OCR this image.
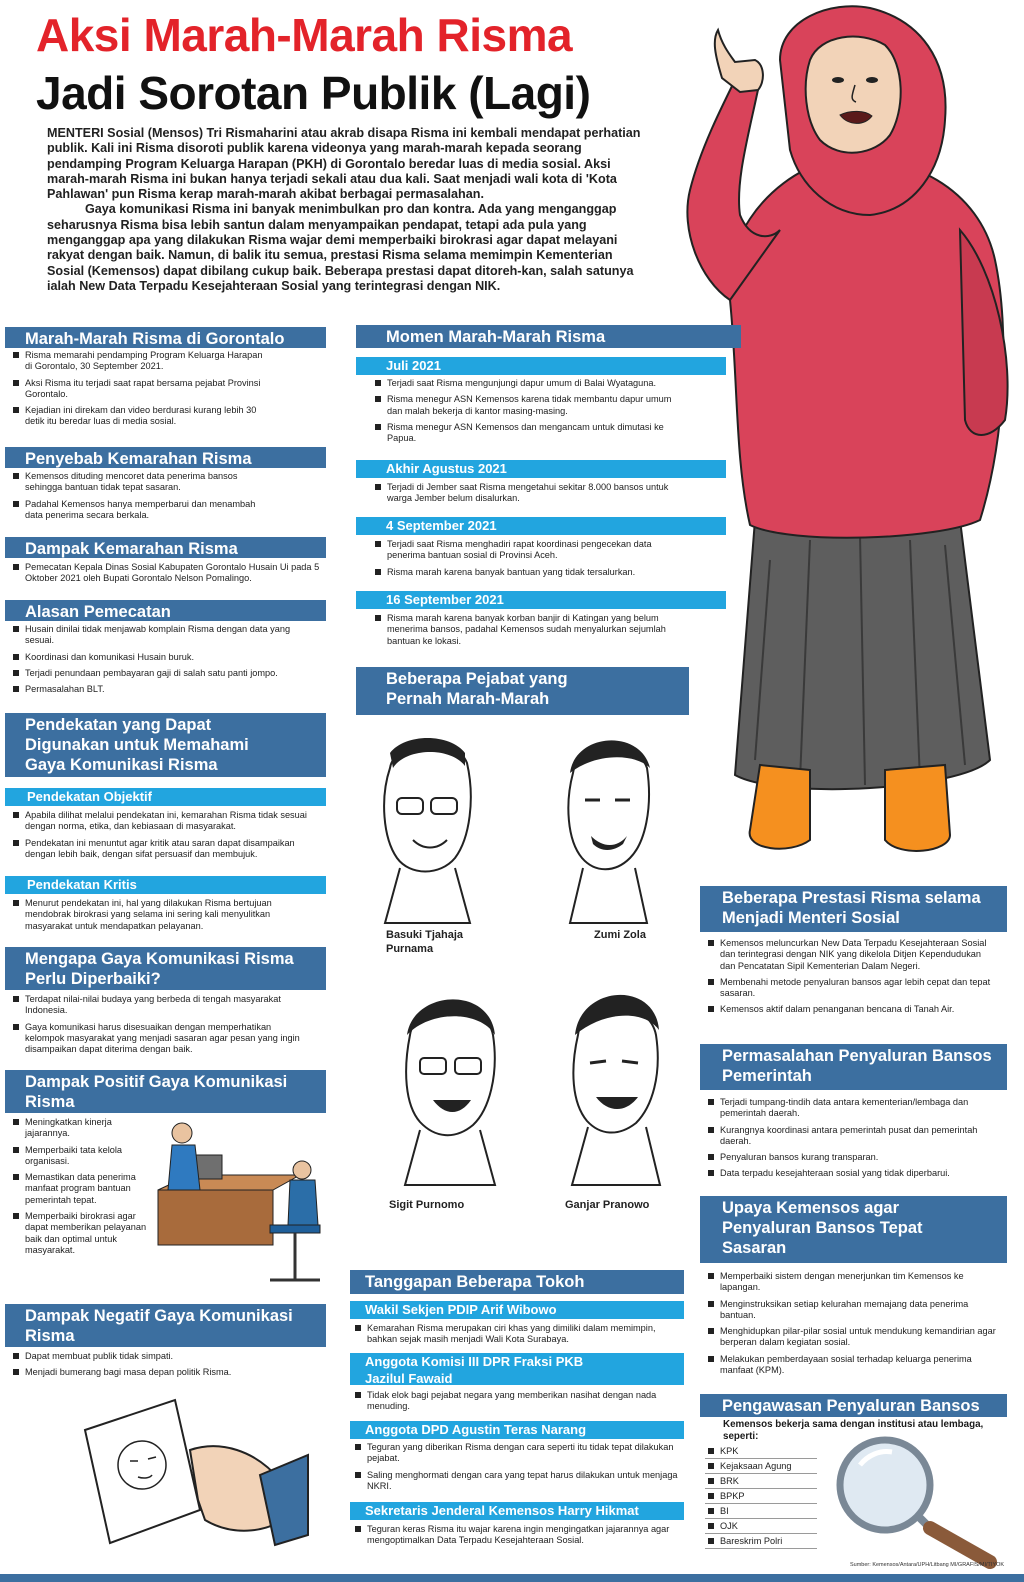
Aksi Marah-Marah Risma
Jadi Sorotan Publik (Lagi)

MENTERI Sosial (Mensos) Tri Rismaharini atau akrab disapa Risma ini kembali mendapat perhatian publik. Kali ini Risma disoroti publik karena videonya yang marah-marah kepada seorang pendamping Program Keluarga Harapan (PKH) di Gorontalo beredar luas di media sosial. Aksi marah-marah Risma ini bukan hanya terjadi sekali atau dua kali. Saat menjadi wali kota di 'Kota Pahlawan' pun Risma kerap marah-marah akibat berbagai permasalahan.

Gaya komunikasi Risma ini banyak menimbulkan pro dan kontra. Ada yang menganggap seharusnya Risma bisa lebih santun dalam menyampaikan pendapat, tetapi ada pula yang menganggap apa yang dilakukan Risma wajar demi memperbaiki birokrasi agar dapat melayani rakyat dengan baik. Namun, di balik itu semua, prestasi Risma selama memimpin Kementerian Sosial (Kemensos) dapat dibilang cukup baik. Beberapa prestasi dapat ditoreh-kan, salah satunya ialah New Data Terpadu Kesejahteraan Sosial yang terintegrasi dengan NIK.

Marah-Marah Risma di Gorontalo
Risma memarahi pendamping Program Keluarga Harapan di Gorontalo, 30 September 2021.
Aksi Risma itu terjadi saat rapat bersama pejabat Provinsi Gorontalo.
Kejadian ini direkam dan video berdurasi kurang lebih 30 detik itu beredar luas di media sosial.
Penyebab Kemarahan Risma
Kemensos dituding mencoret data penerima bansos sehingga bantuan tidak tepat sasaran.
Padahal Kemensos hanya memperbarui dan menambah data penerima secara berkala.
Dampak Kemarahan Risma
Pemecatan Kepala Dinas Sosial Kabupaten Gorontalo Husain Ui pada 5 Oktober 2021 oleh Bupati Gorontalo Nelson Pomalingo.
Alasan Pemecatan
Husain dinilai tidak menjawab komplain Risma dengan data yang sesuai.
Koordinasi dan komunikasi Husain buruk.
Terjadi penundaan pembayaran gaji di salah satu panti jompo.
Permasalahan BLT.
Pendekatan yang Dapat Digunakan untuk Memahami Gaya Komunikasi Risma
Pendekatan Objektif
Apabila dilihat melalui pendekatan ini, kemarahan Risma tidak sesuai dengan norma, etika, dan kebiasaan di masyarakat.
Pendekatan ini menuntut agar kritik atau saran dapat disampaikan dengan lebih baik, dengan sifat persuasif dan membujuk.
Pendekatan Kritis
Menurut pendekatan ini, hal yang dilakukan Risma bertujuan mendobrak birokrasi yang selama ini sering kali menyulitkan masyarakat untuk mendapatkan pelayanan.
Mengapa Gaya Komunikasi Risma Perlu Diperbaiki?
Terdapat nilai-nilai budaya yang berbeda di tengah masyarakat Indonesia.
Gaya komunikasi harus disesuaikan dengan memperhatikan kelompok masyarakat yang menjadi sasaran agar pesan yang ingin disampaikan dapat diterima dengan baik.
Dampak Positif Gaya Komunikasi Risma
Meningkatkan kinerja jajarannya.
Memperbaiki tata kelola organisasi.
Memastikan data penerima manfaat program bantuan pemerintah tepat.
Memperbaiki birokrasi agar dapat memberikan pelayanan baik dan optimal untuk masyarakat.
Dampak Negatif Gaya Komunikasi Risma
Dapat membuat publik tidak simpati.
Menjadi bumerang bagi masa depan politik Risma.
Momen Marah-Marah Risma
Juli 2021
Terjadi saat Risma mengunjungi dapur umum di Balai Wyataguna.
Risma menegur ASN Kemensos karena tidak membantu dapur umum dan malah bekerja di kantor masing-masing.
Risma menegur ASN Kemensos dan mengancam untuk dimutasi ke Papua.
Akhir Agustus 2021
Terjadi di Jember saat Risma mengetahui sekitar 8.000 bansos untuk warga Jember belum disalurkan.
4 September 2021
Terjadi saat Risma menghadiri rapat koordinasi pengecekan data penerima bantuan sosial di Provinsi Aceh.
Risma marah karena banyak bantuan yang tidak tersalurkan.
16 September 2021
Risma marah karena banyak korban banjir di Katingan yang belum menerima bansos, padahal Kemensos sudah menyalurkan sejumlah bantuan ke lokasi.
Beberapa Pejabat yang Pernah Marah-Marah
Basuki Tjahaja Purnama
Zumi Zola
Sigit Purnomo	Ganjar Pranowo
Tanggapan Beberapa Tokoh
Wakil Sekjen PDIP Arif Wibowo
Kemarahan Risma merupakan ciri khas yang dimiliki dalam memimpin, bahkan sejak masih menjadi Wali Kota Surabaya.
Anggota Komisi III DPR Fraksi PKB Jazilul Fawaid
Tidak elok bagi pejabat negara yang memberikan nasihat dengan nada menuding.
Anggota DPD Agustin Teras Narang
Teguran yang diberikan Risma dengan cara seperti itu tidak tepat dilakukan pejabat.
Saling menghormati dengan cara yang tepat harus dilakukan untuk menjaga NKRI.
Sekretaris Jenderal Kemensos Harry Hikmat
Teguran keras Risma itu wajar karena ingin mengingatkan jajarannya agar mengoptimalkan Data Terpadu Kesejahteraan Sosial.
Beberapa Prestasi Risma selama Menjadi Menteri Sosial
Kemensos meluncurkan New Data Terpadu Kesejahteraan Sosial dan terintegrasi dengan NIK yang dikelola Ditjen Kependudukan dan Pencatatan Sipil Kementerian Dalam Negeri.
Membenahi metode penyaluran bansos agar lebih cepat dan tepat sasaran.
Kemensos aktif dalam penanganan bencana di Tanah Air.
Permasalahan Penyaluran Bansos Pemerintah
Terjadi tumpang-tindih data antara kementerian/lembaga dan pemerintah daerah.
Kurangnya koordinasi antara pemerintah pusat dan pemerintah daerah.
Penyaluran bansos kurang transparan.
Data terpadu kesejahteraan sosial yang tidak diperbarui.
Upaya Kemensos agar Penyaluran Bansos Tepat Sasaran
Memperbaiki sistem dengan menerjunkan tim Kemensos ke lapangan.
Menginstruksikan setiap kelurahan memajang data penerima bantuan.
Menghidupkan pilar-pilar sosial untuk mendukung kemandirian agar berperan dalam kegiatan sosial.
Melakukan pemberdayaan sosial terhadap keluarga penerima manfaat (KPM).
Pengawasan Penyaluran Bansos
Kemensos bekerja sama dengan institusi atau lembaga, seperti:
KPK
Kejaksaan Agung
BRK
BPKP
BI
OJK
Bareskrim Polri
Sumber: Kemensos/Antara/UPH/Litbang MI/GRAFIS/MI/TIYOK
